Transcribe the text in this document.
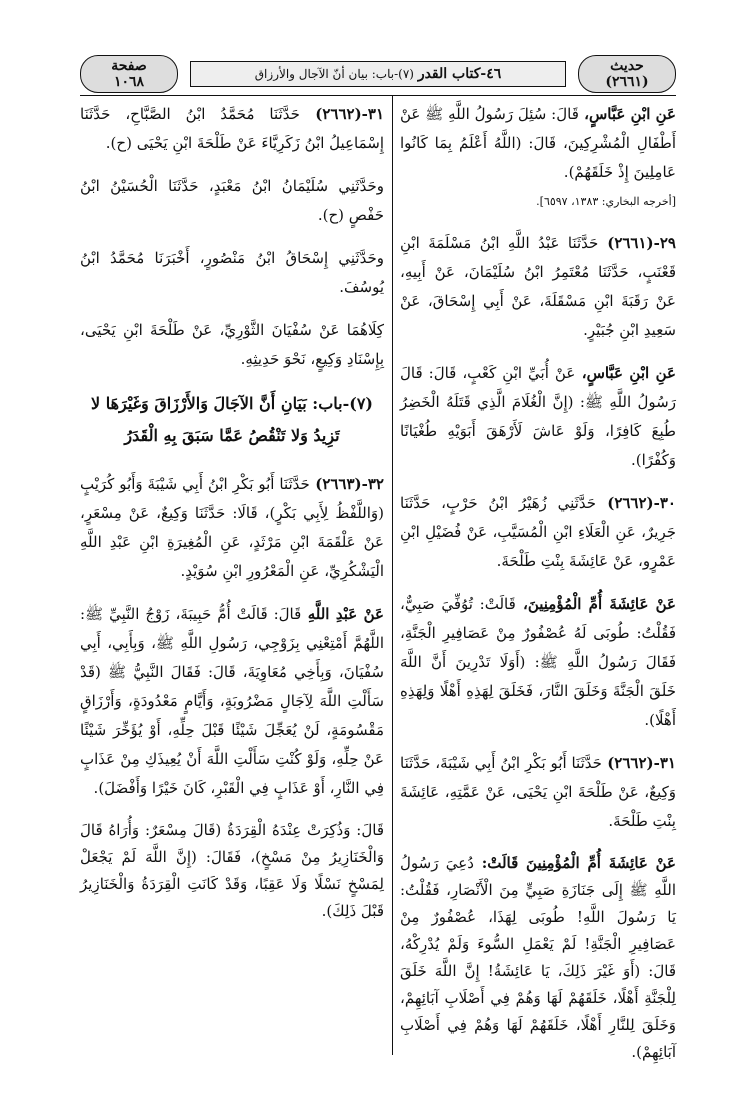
حديث
(٢٦٦١)
٤٦-كتاب القدر (٧)-باب: بيان أنّ الآجال والأرزاق
صفحة
١٠٦٨

عَنِ ابْنِ عَبَّاسٍ، قَالَ: سُئِلَ رَسُولُ اللَّهِ ﷺ عَنْ أَطْفَالِ الْمُشْرِكِينَ، قَالَ: (اللَّهُ أَعْلَمُ بِمَا كَانُوا عَامِلِينَ إِذْ خَلَقَهُمْ).

[أخرجه البخاري: ١٣٨٣، ٦٥٩٧].

٢٩-(٢٦٦١) حَدَّثَنَا عَبْدُ اللَّهِ ابْنُ مَسْلَمَةَ ابْنِ قَعْنَبٍ، حَدَّثَنَا مُعْتَمِرُ ابْنُ سُلَيْمَانَ، عَنْ أَبِيهِ، عَنْ رَقَبَةَ ابْنِ مَسْقَلَةَ، عَنْ أَبِي إِسْحَاقَ، عَنْ سَعِيدِ ابْنِ جُبَيْرٍ.

عَنِ ابْنِ عَبَّاسٍ، عَنْ أُبَيِّ ابْنِ كَعْبٍ، قَالَ: قَالَ رَسُولُ اللَّهِ ﷺ: (إِنَّ الْغُلَامَ الَّذِي قَتَلَهُ الْخَضِرُ طُبِعَ كَافِرًا، وَلَوْ عَاشَ لَأَرْهَقَ أَبَوَيْهِ طُغْيَانًا وَكُفْرًا).

٣٠-(٢٦٦٢) حَدَّثَنِي زُهَيْرُ ابْنُ حَرْبٍ، حَدَّثَنَا جَرِيرٌ، عَنِ الْعَلَاءِ ابْنِ الْمُسَيَّبِ، عَنْ فُضَيْلِ ابْنِ عَمْرٍو، عَنْ عَائِشَةَ بِنْتِ طَلْحَةَ.

عَنْ عَائِشَةَ أُمِّ الْمُؤْمِنِينَ، قَالَتْ: تُوُفِّيَ صَبِيٌّ، فَقُلْتُ: طُوبَى لَهُ عُصْفُورٌ مِنْ عَصَافِيرِ الْجَنَّةِ، فَقَالَ رَسُولُ اللَّهِ ﷺ: (أَوَلَا تَدْرِينَ أَنَّ اللَّهَ خَلَقَ الْجَنَّةَ وَخَلَقَ النَّارَ، فَخَلَقَ لِهَذِهِ أَهْلًا وَلِهَذِهِ أَهْلًا).

٣١-(٢٦٦٢) حَدَّثَنَا أَبُو بَكْرِ ابْنُ أَبِي شَيْبَةَ، حَدَّثَنَا وَكِيعٌ، عَنْ طَلْحَةَ ابْنِ يَحْيَى، عَنْ عَمَّتِهِ، عَائِشَةَ بِنْتِ طَلْحَةَ.

عَنْ عَائِشَةَ أُمِّ الْمُؤْمِنِينَ قَالَتْ: دُعِيَ رَسُولُ اللَّهِ ﷺ إِلَى جَنَازَةِ صَبِيٍّ مِنَ الْأَنْصَارِ، فَقُلْتُ: يَا رَسُولَ اللَّهِ! طُوبَى لِهَذَا، عُصْفُورٌ مِنْ عَصَافِيرِ الْجَنَّةِ! لَمْ يَعْمَلِ السُّوءَ وَلَمْ يُدْرِكْهُ، قَالَ: (أَوَ غَيْرَ ذَلِكَ، يَا عَائِشَةُ! إِنَّ اللَّهَ خَلَقَ لِلْجَنَّةِ أَهْلًا، خَلَقَهُمْ لَهَا وَهُمْ فِي أَصْلَابِ آبَائِهِمْ، وَخَلَقَ لِلنَّارِ أَهْلًا، خَلَقَهُمْ لَهَا وَهُمْ فِي أَصْلَابِ آبَائِهِمْ).

٣١-(٢٦٦٢) حَدَّثَنَا مُحَمَّدُ ابْنُ الصَّبَّاحِ، حَدَّثَنَا إِسْمَاعِيلُ ابْنُ زَكَرِيَّاءَ عَنْ طَلْحَةَ ابْنِ يَحْيَى (ح).

وحَدَّثَنِي سُلَيْمَانُ ابْنُ مَعْبَدٍ، حَدَّثَنَا الْحُسَيْنُ ابْنُ حَفْصٍ (ح).

وحَدَّثَنِي إِسْحَاقُ ابْنُ مَنْصُورٍ، أَخْبَرَنَا مُحَمَّدُ ابْنُ يُوسُفَ.

كِلَاهُمَا عَنْ سُفْيَانَ الثَّوْرِيِّ، عَنْ طَلْحَةَ ابْنِ يَحْيَى، بِإِسْنَادِ وَكِيعٍ، نَحْوَ حَدِيثِهِ.

(٧)-باب: بَيَانِ أَنَّ الآجَالَ وَالأَرْزَاقَ وَغَيْرَهَا لا تَزِيدُ وَلا تَنْقُصُ عَمَّا سَبَقَ بِهِ الْقَدَرُ

٣٢-(٢٦٦٣) حَدَّثَنَا أَبُو بَكْرِ ابْنُ أَبِي شَيْبَةَ وَأَبُو كُرَيْبٍ (وَاللَّفْظُ لِأَبِي بَكْرٍ)، قَالَا: حَدَّثَنَا وَكِيعٌ، عَنْ مِسْعَرٍ، عَنْ عَلْقَمَةَ ابْنِ مَرْثَدٍ، عَنِ الْمُغِيرَةِ ابْنِ عَبْدِ اللَّهِ الْيَشْكُرِيِّ، عَنِ الْمَعْرُورِ ابْنِ سُوَيْدٍ.

عَنْ عَبْدِ اللَّهِ قَالَ: قَالَتْ أُمُّ حَبِيبَةَ، زَوْجُ النَّبِيِّ ﷺ: اللَّهُمَّ أَمْتِعْنِي بِزَوْجِي، رَسُولِ اللَّهِ ﷺ، وَبِأَبِي، أَبِي سُفْيَانَ، وَبِأَخِي مُعَاوِيَةَ، قَالَ: فَقَالَ النَّبِيُّ ﷺ (قَدْ سَأَلْتِ اللَّهَ لِآجَالٍ مَضْرُوبَةٍ، وَأَيَّامٍ مَعْدُودَةٍ، وَأَرْزَاقٍ مَقْسُومَةٍ، لَنْ يُعَجِّلَ شَيْئًا قَبْلَ حِلِّهِ، أَوْ يُؤَخِّرَ شَيْئًا عَنْ حِلِّهِ، وَلَوْ كُنْتِ سَأَلْتِ اللَّهَ أَنْ يُعِيذَكِ مِنْ عَذَابٍ فِي النَّارِ، أَوْ عَذَابٍ فِي الْقَبْرِ، كَانَ خَيْرًا وَأَفْضَلَ).

قَالَ: وَذُكِرَتْ عِنْدَهُ الْقِرَدَةُ (قَالَ مِسْعَرٌ: وَأُرَاهُ قَالَ وَالْخَنَازِيرُ مِنْ مَسْخٍ)، فَقَالَ: (إِنَّ اللَّهَ لَمْ يَجْعَلْ لِمَسْخٍ نَسْلًا وَلَا عَقِبًا، وَقَدْ كَانَتِ الْقِرَدَةُ وَالْخَنَازِيرُ قَبْلَ ذَلِكَ).
